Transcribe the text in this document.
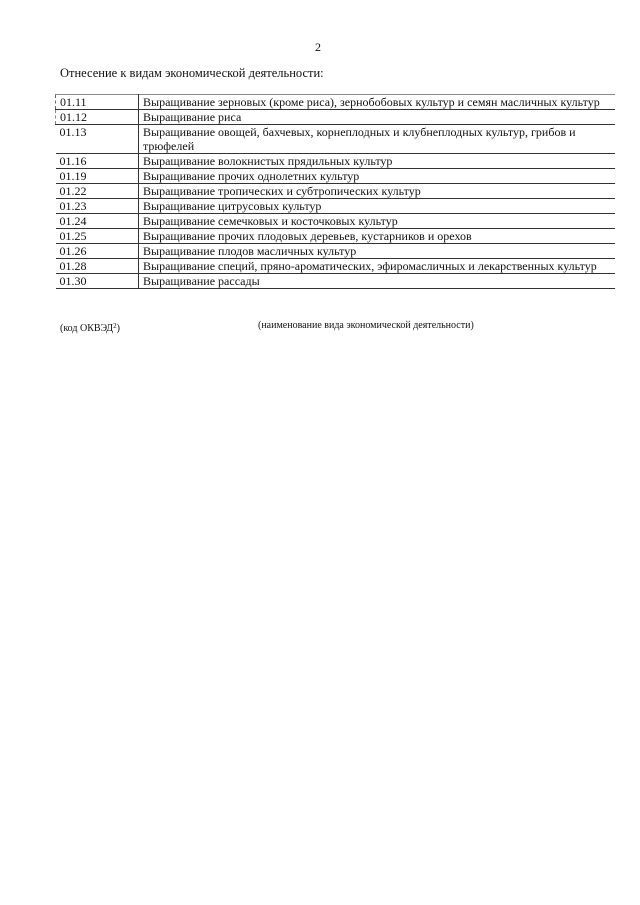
2
Отнесение к видам экономической деятельности:
01.11	Выращивание зерновых (кроме риса), зернобобовых культур и семян масличных культур
01.12	Выращивание риса
01.13	Выращивание овощей, бахчевых, корнеплодных и клубнеплодных культур, грибов и трюфелей
01.16	Выращивание волокнистых прядильных культур
01.19	Выращивание прочих однолетних культур
01.22	Выращивание тропических и субтропических культур
01.23	Выращивание цитрусовых культур
01.24	Выращивание семечковых и косточковых культур
01.25	Выращивание прочих плодовых деревьев, кустарников и орехов
01.26	Выращивание плодов масличных культур
01.28	Выращивание специй, пряно-ароматических, эфиромасличных и лекарственных культур
01.30	Выращивание рассады
(код ОКВЭД$^2$)	(наименование вида экономической деятельности)
